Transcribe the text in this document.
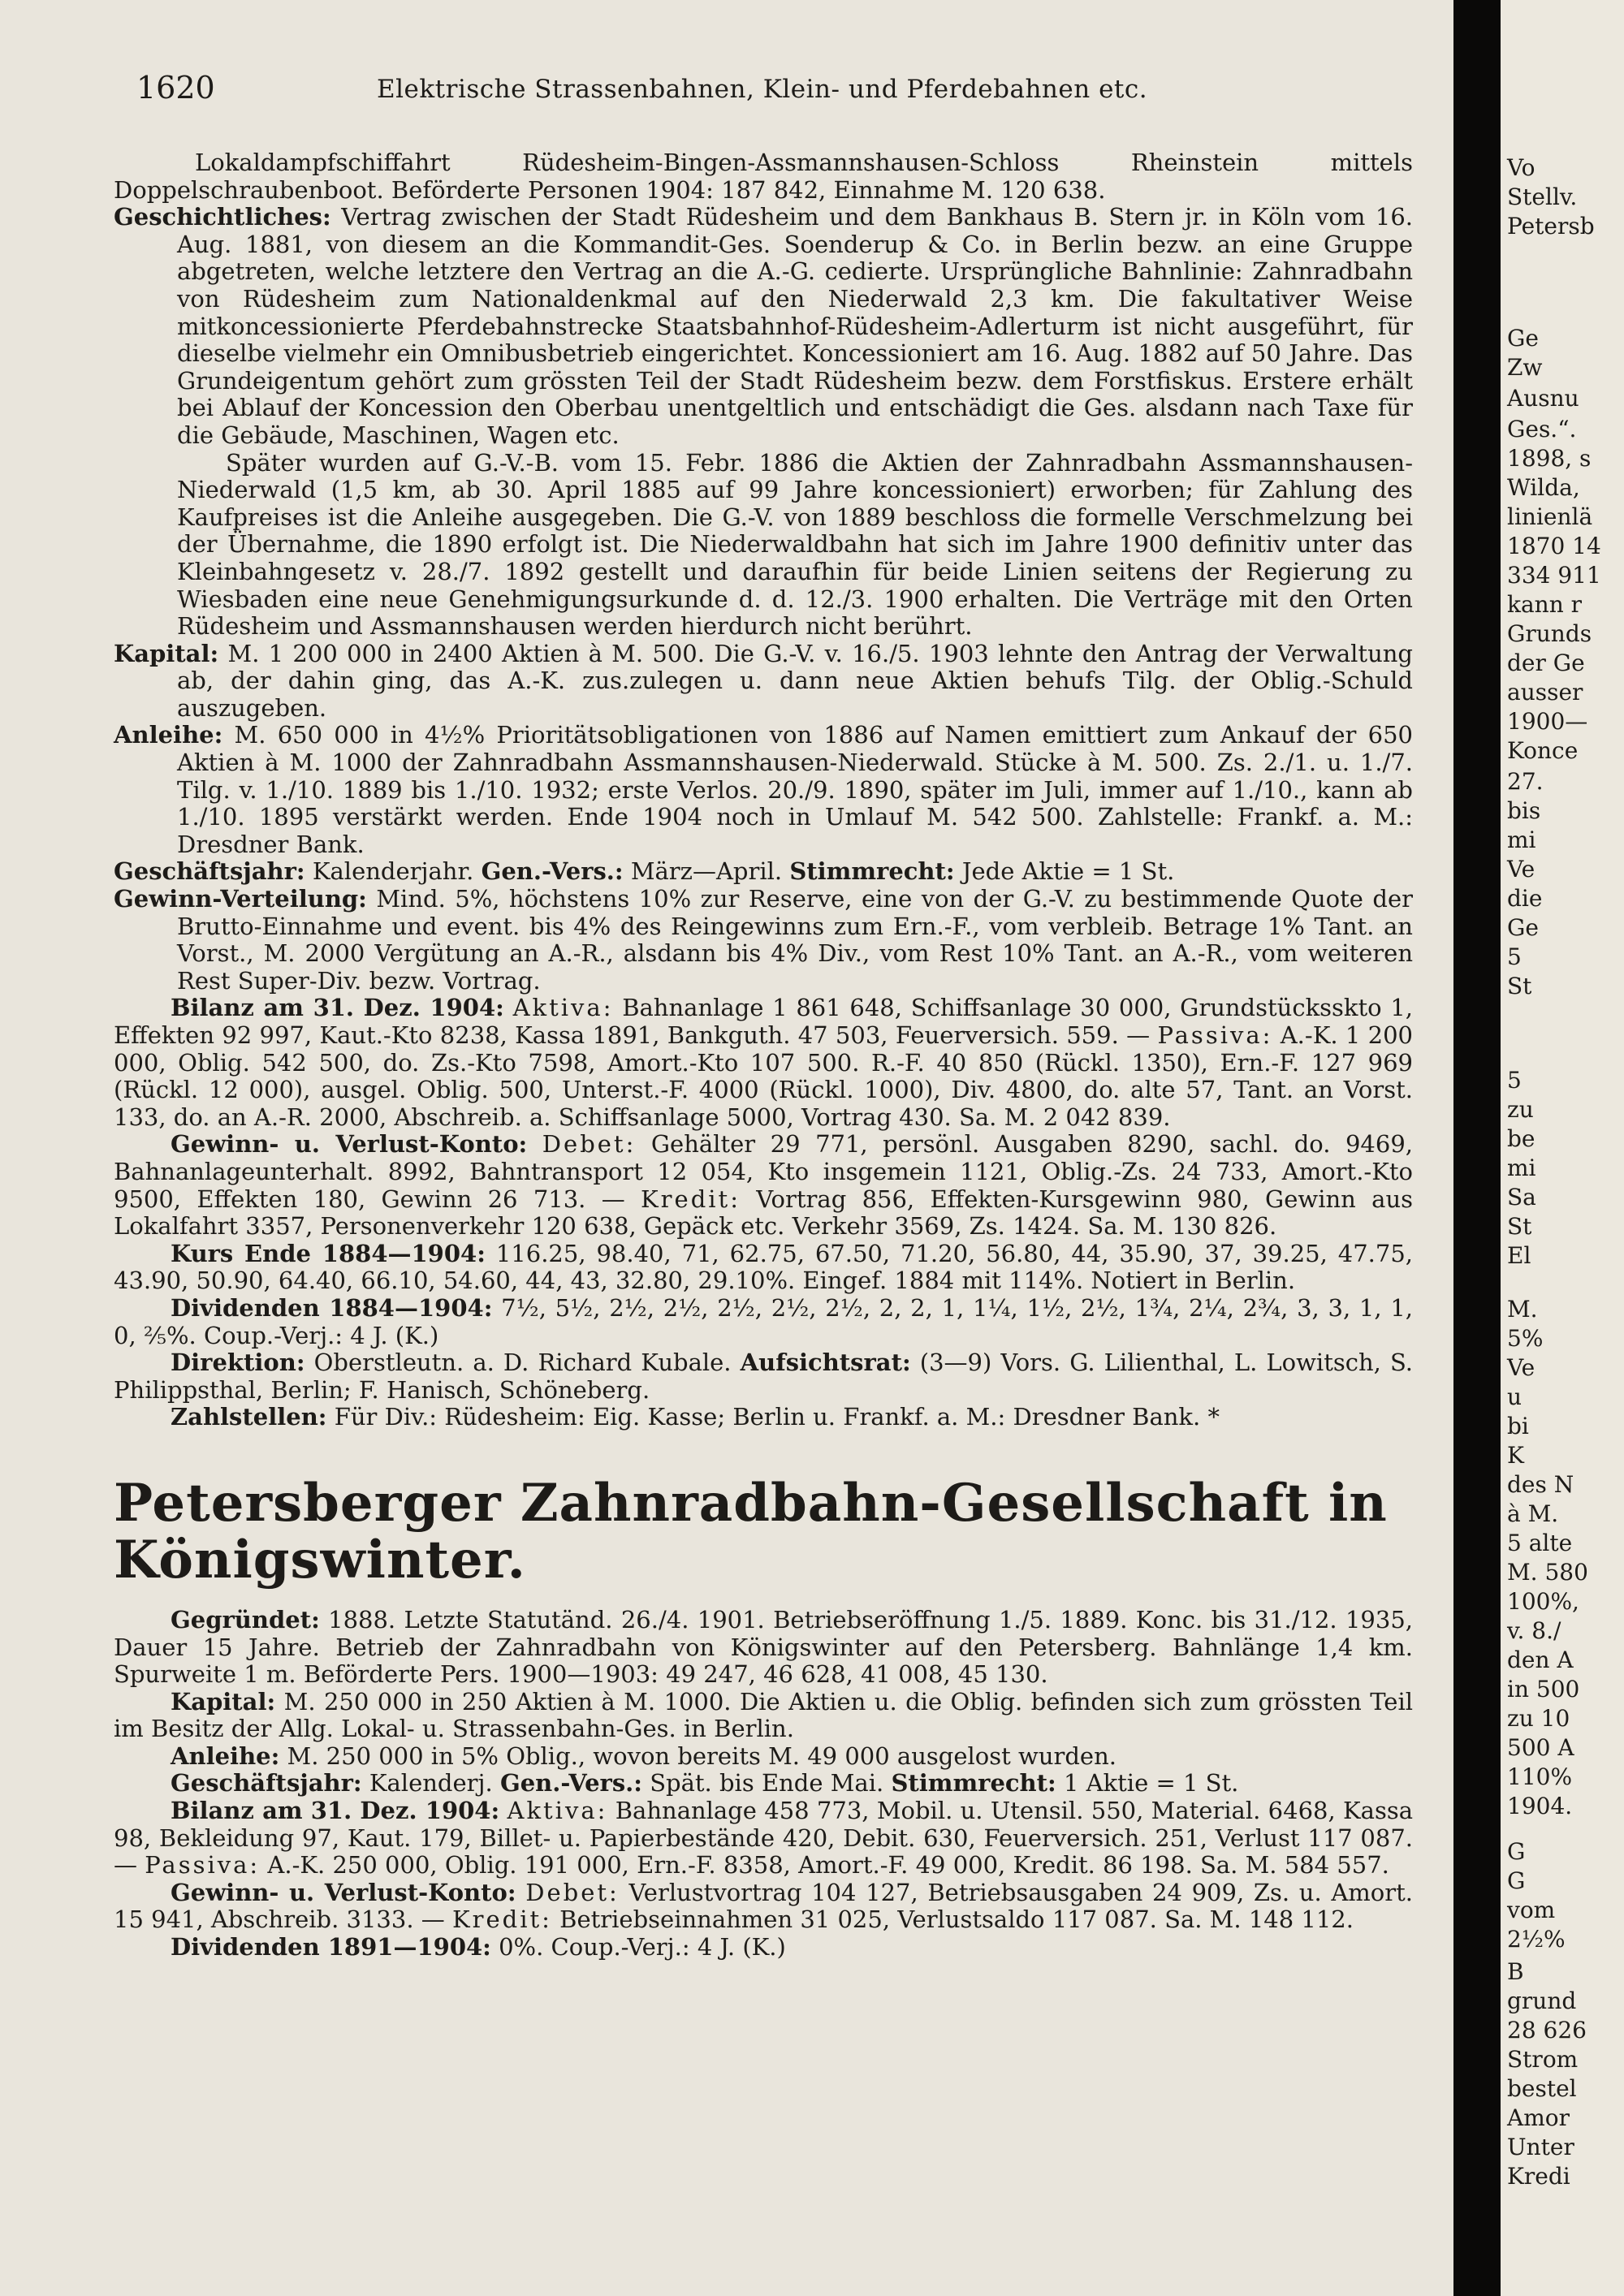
1620	Elektrische Strassenbahnen, Klein- und Pferdebahnen etc.

Lokaldampfschiffahrt Rüdesheim-Bingen-Assmannshausen-Schloss Rheinstein mittels Doppelschraubenboot. Beförderte Personen 1904: 187 842, Einnahme M. 120 638.

Geschichtliches: Vertrag zwischen der Stadt Rüdesheim und dem Bankhaus B. Stern jr. in Köln vom 16. Aug. 1881, von diesem an die Kommandit-Ges. Soenderup & Co. in Berlin bezw. an eine Gruppe abgetreten, welche letztere den Vertrag an die A.-G. cedierte. Ursprüngliche Bahnlinie: Zahnradbahn von Rüdesheim zum Nationaldenkmal auf den Niederwald 2,3 km. Die fakultativer Weise mitkoncessionierte Pferdebahnstrecke Staatsbahnhof-Rüdesheim-Adlerturm ist nicht ausgeführt, für dieselbe vielmehr ein Omnibusbetrieb eingerichtet. Koncessioniert am 16. Aug. 1882 auf 50 Jahre. Das Grundeigentum gehört zum grössten Teil der Stadt Rüdesheim bezw. dem Forstfiskus. Erstere erhält bei Ablauf der Koncession den Oberbau unentgeltlich und entschädigt die Ges. alsdann nach Taxe für die Gebäude, Maschinen, Wagen etc.

Später wurden auf G.-V.-B. vom 15. Febr. 1886 die Aktien der Zahnradbahn Assmannshausen-Niederwald (1,5 km, ab 30. April 1885 auf 99 Jahre koncessioniert) erworben; für Zahlung des Kaufpreises ist die Anleihe ausgegeben. Die G.-V. von 1889 beschloss die formelle Verschmelzung bei der Übernahme, die 1890 erfolgt ist. Die Niederwaldbahn hat sich im Jahre 1900 definitiv unter das Kleinbahngesetz v. 28./7. 1892 gestellt und daraufhin für beide Linien seitens der Regierung zu Wiesbaden eine neue Genehmigungsurkunde d. d. 12./3. 1900 erhalten. Die Verträge mit den Orten Rüdesheim und Assmannshausen werden hierdurch nicht berührt.

Kapital: M. 1 200 000 in 2400 Aktien à M. 500. Die G.-V. v. 16./5. 1903 lehnte den Antrag der Verwaltung ab, der dahin ging, das A.-K. zus.zulegen u. dann neue Aktien behufs Tilg. der Oblig.-Schuld auszugeben.

Anleihe: M. 650 000 in 4½% Prioritätsobligationen von 1886 auf Namen emittiert zum Ankauf der 650 Aktien à M. 1000 der Zahnradbahn Assmannshausen-Niederwald. Stücke à M. 500. Zs. 2./1. u. 1./7. Tilg. v. 1./10. 1889 bis 1./10. 1932; erste Verlos. 20./9. 1890, später im Juli, immer auf 1./10., kann ab 1./10. 1895 verstärkt werden. Ende 1904 noch in Umlauf M. 542 500. Zahlstelle: Frankf. a. M.: Dresdner Bank.

Geschäftsjahr: Kalenderjahr. Gen.-Vers.: März—April. Stimmrecht: Jede Aktie = 1 St.

Gewinn-Verteilung: Mind. 5%, höchstens 10% zur Reserve, eine von der G.-V. zu bestimmende Quote der Brutto-Einnahme und event. bis 4% des Reingewinns zum Ern.-F., vom verbleib. Betrage 1% Tant. an Vorst., M. 2000 Vergütung an A.-R., alsdann bis 4% Div., vom Rest 10% Tant. an A.-R., vom weiteren Rest Super-Div. bezw. Vortrag.

Bilanz am 31. Dez. 1904: Aktiva: Bahnanlage 1 861 648, Schiffsanlage 30 000, Grundstücksskto 1, Effekten 92 997, Kaut.-Kto 8238, Kassa 1891, Bankguth. 47 503, Feuerversich. 559. — Passiva: A.-K. 1 200 000, Oblig. 542 500, do. Zs.-Kto 7598, Amort.-Kto 107 500. R.-F. 40 850 (Rückl. 1350), Ern.-F. 127 969 (Rückl. 12 000), ausgel. Oblig. 500, Unterst.-F. 4000 (Rückl. 1000), Div. 4800, do. alte 57, Tant. an Vorst. 133, do. an A.-R. 2000, Abschreib. a. Schiffsanlage 5000, Vortrag 430. Sa. M. 2 042 839.

Gewinn- u. Verlust-Konto: Debet: Gehälter 29 771, persönl. Ausgaben 8290, sachl. do. 9469, Bahnanlageunterhalt. 8992, Bahntransport 12 054, Kto insgemein 1121, Oblig.-Zs. 24 733, Amort.-Kto 9500, Effekten 180, Gewinn 26 713. — Kredit: Vortrag 856, Effekten-Kursgewinn 980, Gewinn aus Lokalfahrt 3357, Personenverkehr 120 638, Gepäck etc. Verkehr 3569, Zs. 1424. Sa. M. 130 826.

Kurs Ende 1884—1904: 116.25, 98.40, 71, 62.75, 67.50, 71.20, 56.80, 44, 35.90, 37, 39.25, 47.75, 43.90, 50.90, 64.40, 66.10, 54.60, 44, 43, 32.80, 29.10%. Eingef. 1884 mit 114%. Notiert in Berlin.

Dividenden 1884—1904: 7½, 5½, 2½, 2½, 2½, 2½, 2½, 2, 2, 1, 1¼, 1½, 2½, 1¾, 2¼, 2¾, 3, 3, 1, 1, 0, ⅖%. Coup.-Verj.: 4 J. (K.)

Direktion: Oberstleutn. a. D. Richard Kubale. Aufsichtsrat: (3—9) Vors. G. Lilienthal, L. Lowitsch, S. Philippsthal, Berlin; F. Hanisch, Schöneberg.

Zahlstellen: Für Div.: Rüdesheim: Eig. Kasse; Berlin u. Frankf. a. M.: Dresdner Bank. *

Petersberger Zahnradbahn-Gesellschaft in Königswinter.

Gegründet: 1888. Letzte Statutänd. 26./4. 1901. Betriebseröffnung 1./5. 1889. Konc. bis 31./12. 1935, Dauer 15 Jahre. Betrieb der Zahnradbahn von Königswinter auf den Petersberg. Bahnlänge 1,4 km. Spurweite 1 m. Beförderte Pers. 1900—1903: 49 247, 46 628, 41 008, 45 130.

Kapital: M. 250 000 in 250 Aktien à M. 1000. Die Aktien u. die Oblig. befinden sich zum grössten Teil im Besitz der Allg. Lokal- u. Strassenbahn-Ges. in Berlin.

Anleihe: M. 250 000 in 5% Oblig., wovon bereits M. 49 000 ausgelost wurden.

Geschäftsjahr: Kalenderj. Gen.-Vers.: Spät. bis Ende Mai. Stimmrecht: 1 Aktie = 1 St.

Bilanz am 31. Dez. 1904: Aktiva: Bahnanlage 458 773, Mobil. u. Utensil. 550, Material. 6468, Kassa 98, Bekleidung 97, Kaut. 179, Billet- u. Papierbestände 420, Debit. 630, Feuerversich. 251, Verlust 117 087. — Passiva: A.-K. 250 000, Oblig. 191 000, Ern.-F. 8358, Amort.-F. 49 000, Kredit. 86 198. Sa. M. 584 557.

Gewinn- u. Verlust-Konto: Debet: Verlustvortrag 104 127, Betriebsausgaben 24 909, Zs. u. Amort. 15 941, Abschreib. 3133. — Kredit: Betriebseinnahmen 31 025, Verlustsaldo 117 087. Sa. M. 148 112.

Dividenden 1891—1904: 0%. Coup.-Verj.: 4 J. (K.)

Vo
Stellv.
Petersb
Ge
Zw
Ausnu
Ges.“.
1898, s
Wilda,
linienlä
1870 14
334 911
kann r
Grunds
der Ge
ausser
1900—
Konce
27.
bis
mi
Ve
die
Ge
5
St
5
zu
be
mi
Sa
St
El
M.
5%
Ve
u
bi
K
des N
à M.
5 alte
M. 580
100%,
v. 8./
den A
in 500
zu 10
500 A
110%
1904.
G
G
vom
2½%
B
grund
28 626
Strom
bestel
Amor
Unter
Kredi
